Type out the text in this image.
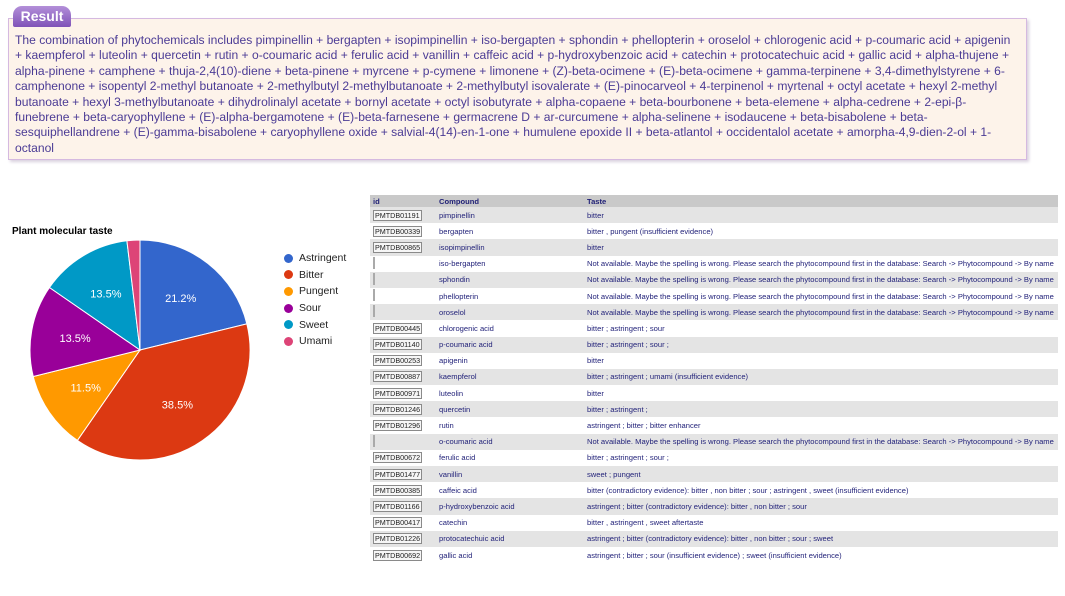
Result

The combination of phytochemicals includes pimpinellin + bergapten + isopimpinellin + iso-bergapten + sphondin + phellopterin + oroselol + chlorogenic acid + p-coumaric acid + apigenin + kaempferol + luteolin + quercetin + rutin + o-coumaric acid + ferulic acid + vanillin + caffeic acid + p-hydroxybenzoic acid + catechin + protocatechuic acid + gallic acid + alpha-thujene + alpha-pinene + camphene + thuja-2,4(10)-diene + beta-pinene + myrcene + p-cymene + limonene + (Z)-beta-ocimene + (E)-beta-ocimene + gamma-terpinene + 3,4-dimethylstyrene + 6-camphenone + isopentyl 2-methyl butanoate + 2-methylbutyl 2-methylbutanoate + 2-methylbutyl isovalerate + (E)-pinocarveol + 4-terpinenol + myrtenal + octyl acetate + hexyl 2-methyl butanoate + hexyl 3-methylbutanoate + dihydrolinalyl acetate + bornyl acetate + octyl isobutyrate + alpha-copaene + beta-bourbonene + beta-elemene + alpha-cedrene + 2-epi-β-funebrene + beta-caryophyllene + (E)-alpha-bergamotene + (E)-beta-farnesene + germacrene D + ar-curcumene + alpha-selinene + isodaucene + beta-bisabolene + beta-sesquiphellandrene + (E)-gamma-bisabolene + caryophyllene oxide + salvial-4(14)-en-1-one + humulene epoxide II + beta-atlantol + occidentalol acetate + amorpha-4,9-dien-2-ol + 1-octanol

Plant molecular taste
21.2%
38.5%
11.5%
13.5%
13.5%
Astringent
Bitter
Pungent
Sour
Sweet
Umami
id	Compound	Taste
PMTDB01191	pimpinellin	bitter
PMTDB00339	bergapten	bitter , pungent (insufficient evidence)
PMTDB00865	isopimpinellin	bitter
	iso-bergapten	Not available. Maybe the spelling is wrong. Please search the phytocompound first in the database: Search -> Phytocompound -> By name
	sphondin	Not available. Maybe the spelling is wrong. Please search the phytocompound first in the database: Search -> Phytocompound -> By name
	phellopterin	Not available. Maybe the spelling is wrong. Please search the phytocompound first in the database: Search -> Phytocompound -> By name
	oroselol	Not available. Maybe the spelling is wrong. Please search the phytocompound first in the database: Search -> Phytocompound -> By name
PMTDB00445	chlorogenic acid	bitter ; astringent ; sour
PMTDB01140	p-coumaric acid	bitter ; astringent ; sour ;
PMTDB00253	apigenin	bitter
PMTDB00887	kaempferol	bitter ; astringent ; umami (insufficient evidence)
PMTDB00971	luteolin	bitter
PMTDB01246	quercetin	bitter ; astringent ;
PMTDB01296	rutin	astringent ; bitter ; bitter enhancer
	o-coumaric acid	Not available. Maybe the spelling is wrong. Please search the phytocompound first in the database: Search -> Phytocompound -> By name
PMTDB00672	ferulic acid	bitter ; astringent ; sour ;
PMTDB01477	vanillin	sweet ; pungent
PMTDB00385	caffeic acid	bitter (contradictory evidence): bitter , non bitter ; sour ; astringent , sweet (insufficient evidence)
PMTDB01166	p-hydroxybenzoic acid	astringent ; bitter (contradictory evidence): bitter , non bitter ; sour
PMTDB00417	catechin	bitter , astringent , sweet aftertaste
PMTDB01226	protocatechuic acid	astringent ; bitter (contradictory evidence): bitter , non bitter ; sour ; sweet
PMTDB00692	gallic acid	astringent ; bitter ; sour (insufficient evidence) ; sweet (insufficient evidence)
